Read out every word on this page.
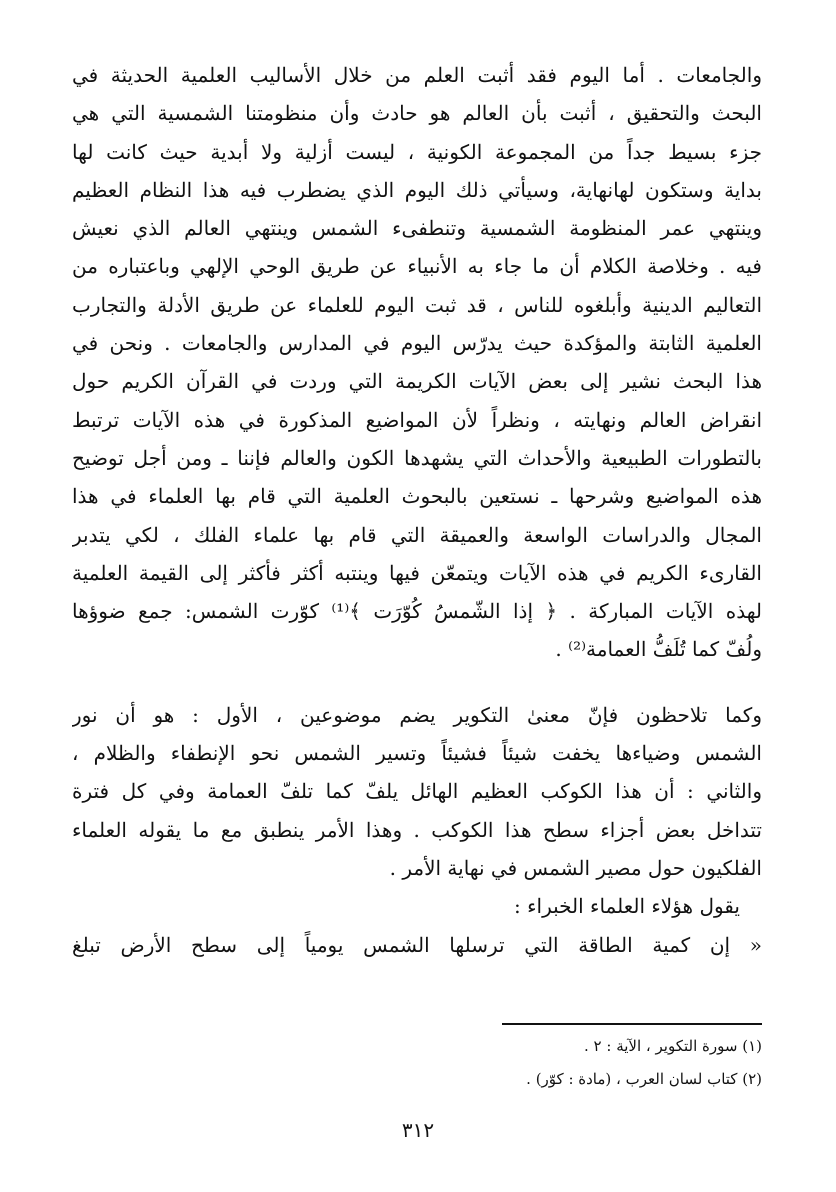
والجامعات . أما اليوم فقد أثبت العلم من خلال الأساليب العلمية الحديثة في
البحث والتحقيق ، أثبت بأن العالم هو حادث وأن منظومتنا الشمسية التي هي
جزء بسيط جداً من المجموعة الكونية ، ليست أزلية ولا أبدية حيث كانت لها
بداية وستكون لهانهاية، وسيأتي ذلك اليوم الذي يضطرب فيه هذا النظام العظيم
وينتهي عمر المنظومة الشمسية وتنطفىء الشمس وينتهي العالم الذي نعيش
فيه . وخلاصة الكلام أن ما جاء به الأنبياء عن طريق الوحي الإلهي وباعتباره من
التعاليم الدينية وأبلغوه للناس ، قد ثبت اليوم للعلماء عن طريق الأدلة والتجارب
العلمية الثابتة والمؤكدة حيث يدرّس اليوم في المدارس والجامعات . ونحن في
هذا البحث نشير إلى بعض الآيات الكريمة التي وردت في القرآن الكريم حول
انقراض العالم ونهايته ، ونظراً لأن المواضيع المذكورة في هذه الآيات ترتبط
بالتطورات الطبيعية والأحداث التي يشهدها الكون والعالم فإننا ـ ومن أجل توضيح
هذه المواضيع وشرحها ـ نستعين بالبحوث العلمية التي قام بها العلماء في هذا
المجال والدراسات الواسعة والعميقة التي قام بها علماء الفلك ، لكي يتدبر
القارىء الكريم في هذه الآيات ويتمعّن فيها وينتبه أكثر فأكثر إلى القيمة العلمية
لهذه الآيات المباركة . ﴿ إذا الشّمسُ كُوّرَت ﴾⁽¹⁾ كوّرت الشمس: جمع ضوؤها
ولُفّ كما تُلَفُّ العمامة⁽²⁾ .
وكما تلاحظون فإنّ معنىٰ التكوير يضم موضوعين ، الأول : هو أن نور
الشمس وضياءها يخفت شيئاً فشيئاً وتسير الشمس نحو الإنطفاء والظلام ،
والثاني : أن هذا الكوكب العظيم الهائل يلفّ كما تلفّ العمامة وفي كل فترة
تتداخل بعض أجزاء سطح هذا الكوكب . وهذا الأمر ينطبق مع ما يقوله العلماء
الفلكيون حول مصير الشمس في نهاية الأمر .
يقول هؤلاء العلماء الخبراء :
« إن كمية الطاقة التي ترسلها الشمس يومياً إلى سطح الأرض تبلغ
(١) سورة التكوير ، الآية : ٢ .
(٢) كتاب لسان العرب ، (مادة : كوّر) .
٣١٢
